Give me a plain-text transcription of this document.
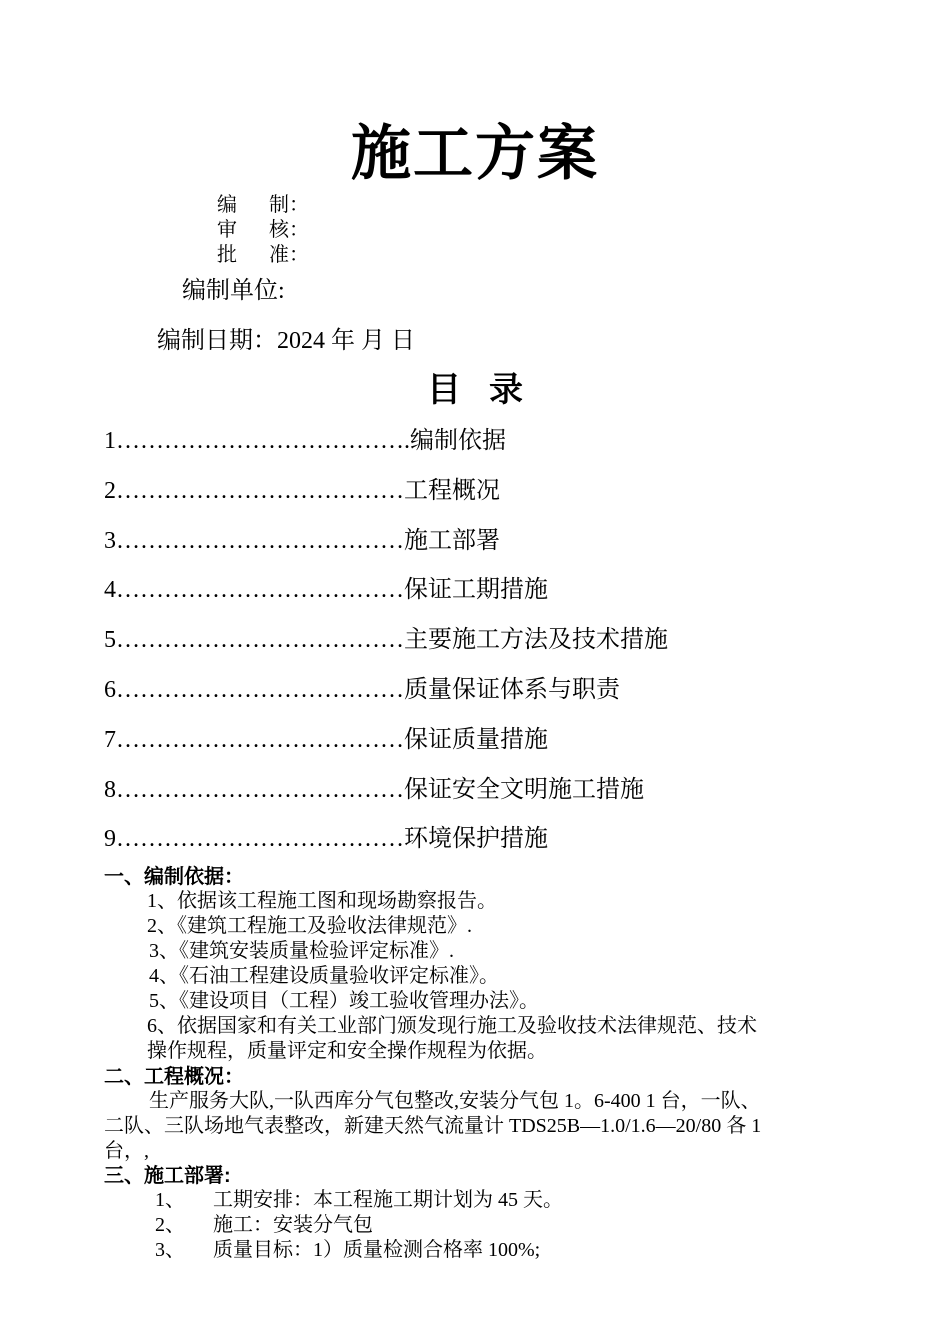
施工方案
编 制：
审 核：
批 准：
编制单位:
编制日期：2024 年 月 日
目录
1……………………………….编制依据
2………………………………工程概况
3………………………………施工部署
4………………………………保证工期措施
5………………………………主要施工方法及技术措施
6………………………………质量保证体系与职责
7………………………………保证质量措施
8………………………………保证安全文明施工措施
9………………………………环境保护措施
一、编制依据：
1、依据该工程施工图和现场勘察报告。
2、《建筑工程施工及验收法律规范》.
3、《建筑安装质量检验评定标准》.
4、《石油工程建设质量验收评定标准》。
5、《建设项目（工程）竣工验收管理办法》。
6、依据国家和有关工业部门颁发现行施工及验收技术法律规范、技术
操作规程，质量评定和安全操作规程为依据。
二、工程概况：
生产服务大队,一队西库分气包整改,安装分气包 1。6-400 1 台，一队、
二队、三队场地气表整改，新建天然气流量计 TDS25B—1.0/1.6—20/80 各 1
台，,
三、施工部署:
1、 工期安排：本工程施工期计划为 45 天。
2、 施工：安装分气包
3、 质量目标：1）质量检测合格率 100%;
